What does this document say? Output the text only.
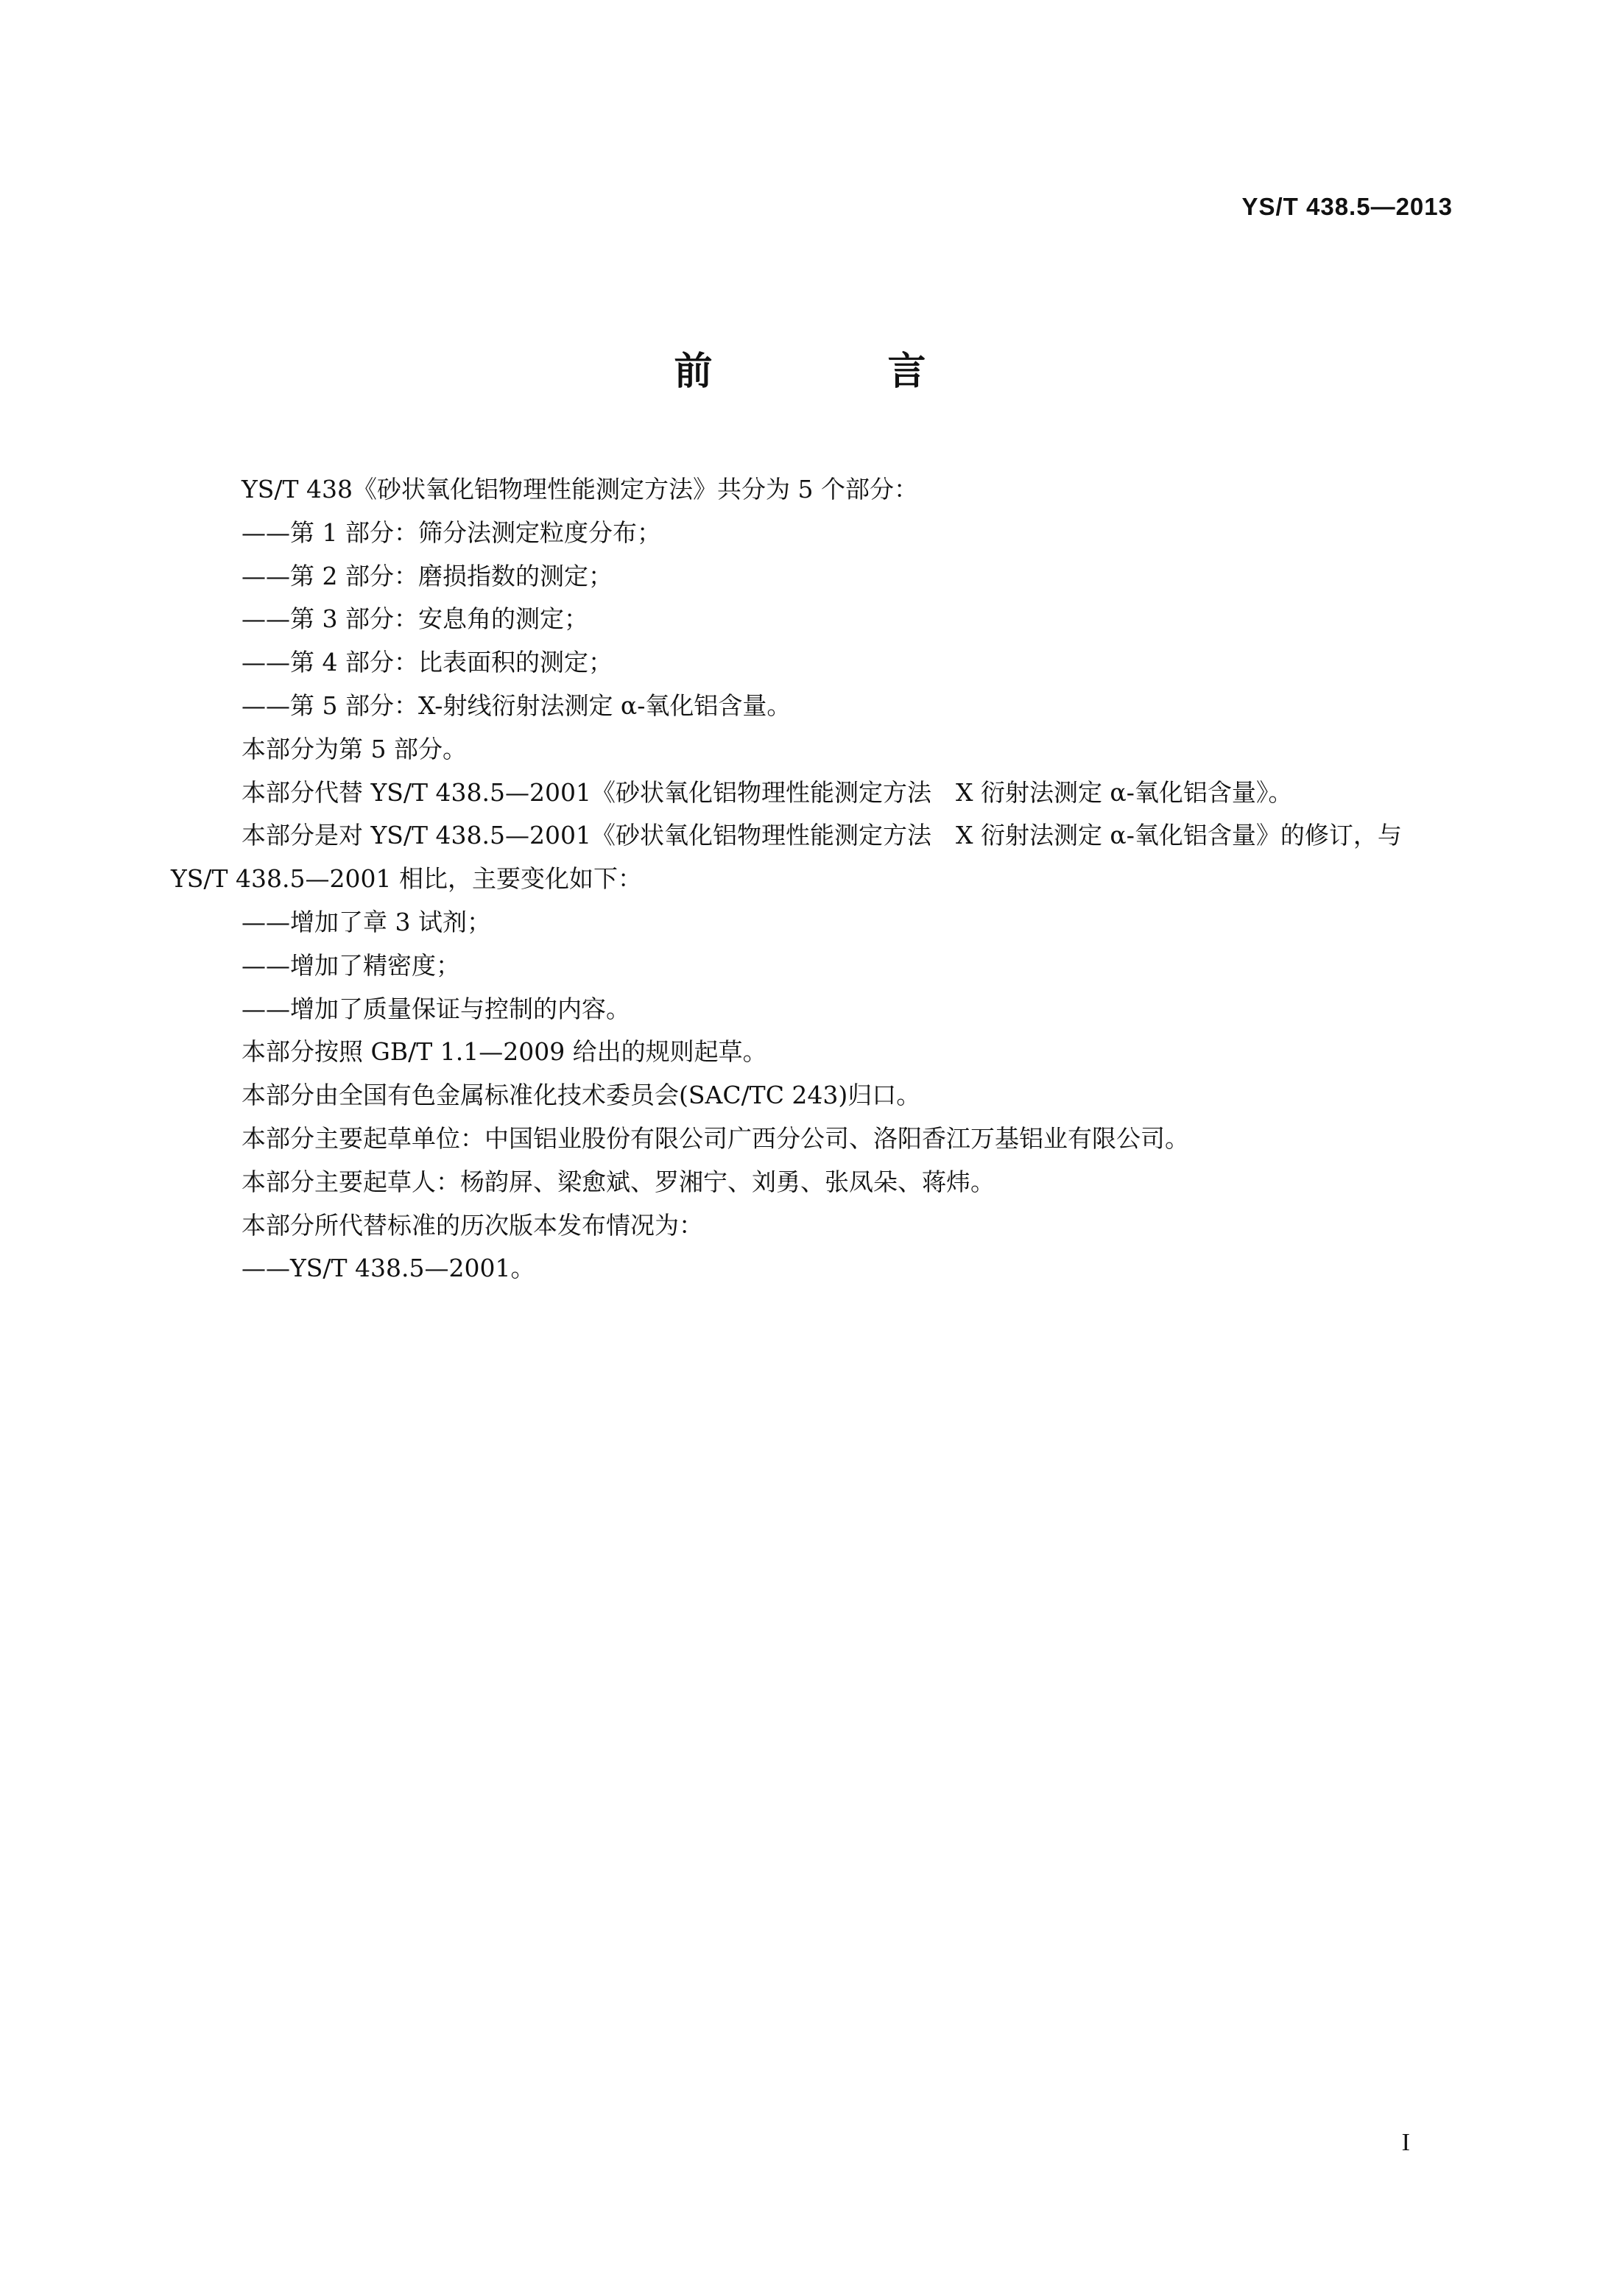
YS/T 438.5—2013
前 言

YS/T 438《砂状氧化铝物理性能测定方法》共分为 5 个部分：

——第 1 部分：筛分法测定粒度分布；

——第 2 部分：磨损指数的测定；

——第 3 部分：安息角的测定；

——第 4 部分：比表面积的测定；

——第 5 部分：X-射线衍射法测定 α-氧化铝含量。

本部分为第 5 部分。

本部分代替 YS/T 438.5—2001《砂状氧化铝物理性能测定方法　X 衍射法测定 α-氧化铝含量》。

本部分是对 YS/T 438.5—2001《砂状氧化铝物理性能测定方法　X 衍射法测定 α-氧化铝含量》的修订，与 YS/T 438.5—2001 相比，主要变化如下：

——增加了章 3 试剂；

——增加了精密度；

——增加了质量保证与控制的内容。

本部分按照 GB/T 1.1—2009 给出的规则起草。

本部分由全国有色金属标准化技术委员会(SAC/TC 243)归口。

本部分主要起草单位：中国铝业股份有限公司广西分公司、洛阳香江万基铝业有限公司。

本部分主要起草人：杨韵屏、梁愈斌、罗湘宁、刘勇、张凤朵、蒋炜。

本部分所代替标准的历次版本发布情况为：

——YS/T 438.5—2001。

I
